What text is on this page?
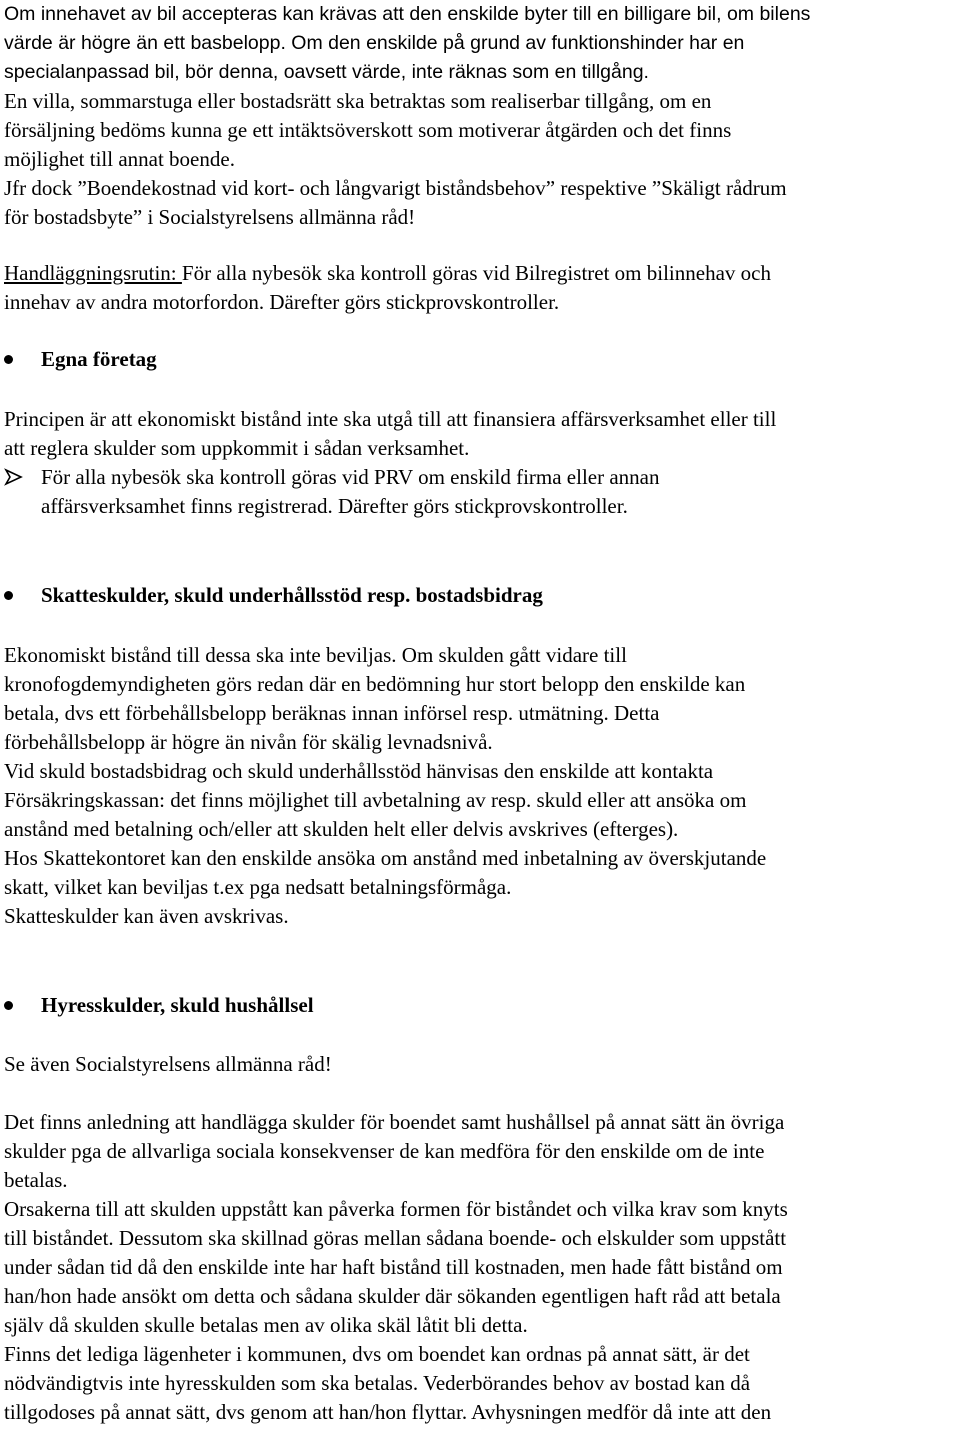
Om innehavet av bil accepteras kan krävas att den enskilde byter till en billigare bil, om bilens
värde är högre än ett basbelopp. Om den enskilde på grund av funktionshinder har en
specialanpassad bil, bör denna, oavsett värde, inte räknas som en tillgång.
En villa, sommarstuga eller bostadsrätt ska betraktas som realiserbar tillgång, om en
försäljning bedöms kunna ge ett intäktsöverskott som motiverar åtgärden och det finns
möjlighet till annat boende.
Jfr dock ”Boendekostnad vid kort- och långvarigt biståndsbehov” respektive ”Skäligt rådrum
för bostadsbyte” i Socialstyrelsens allmänna råd!
Handläggningsrutin: För alla nybesök ska kontroll göras vid Bilregistret om bilinnehav och
innehav av andra motorfordon. Därefter görs stickprovskontroller.
Egna företag
Principen är att ekonomiskt bistånd inte ska utgå till att finansiera affärsverksamhet eller till
att reglera skulder som uppkommit i sådan verksamhet.
För alla nybesök ska kontroll göras vid PRV om enskild firma eller annan
affärsverksamhet finns registrerad. Därefter görs stickprovskontroller.
Skatteskulder, skuld underhållsstöd resp. bostadsbidrag
Ekonomiskt bistånd till dessa ska inte beviljas. Om skulden gått vidare till
kronofogdemyndigheten görs redan där en bedömning hur stort belopp den enskilde kan
betala, dvs ett förbehållsbelopp beräknas innan införsel resp. utmätning. Detta
förbehållsbelopp är högre än nivån för skälig levnadsnivå.
Vid skuld bostadsbidrag och skuld underhållsstöd hänvisas den enskilde att kontakta
Försäkringskassan: det finns möjlighet till avbetalning av resp. skuld eller att ansöka om
anstånd med betalning och/eller att skulden helt eller delvis avskrives (efterges).
Hos Skattekontoret kan den enskilde ansöka om anstånd med inbetalning av överskjutande
skatt, vilket kan beviljas t.ex pga nedsatt betalningsförmåga.
Skatteskulder kan även avskrivas.
Hyresskulder, skuld hushållsel
Se även Socialstyrelsens allmänna råd!
Det finns anledning att handlägga skulder för boendet samt hushållsel på annat sätt än övriga
skulder pga de allvarliga sociala konsekvenser de kan medföra för den enskilde om de inte
betalas.
Orsakerna till att skulden uppstått kan påverka formen för biståndet och vilka krav som knyts
till biståndet. Dessutom ska skillnad göras mellan sådana boende- och elskulder som uppstått
under sådan tid då den enskilde inte har haft bistånd till kostnaden, men hade fått bistånd om
han/hon hade ansökt om detta och sådana skulder där sökanden egentligen haft råd att betala
själv då skulden skulle betalas men av olika skäl låtit bli detta.
Finns det lediga lägenheter i kommunen, dvs om boendet kan ordnas på annat sätt, är det
nödvändigtvis inte hyresskulden som ska betalas. Vederbörandes behov av bostad kan då
tillgodoses på annat sätt, dvs genom att han/hon flyttar. Avhysningen medför då inte att den
